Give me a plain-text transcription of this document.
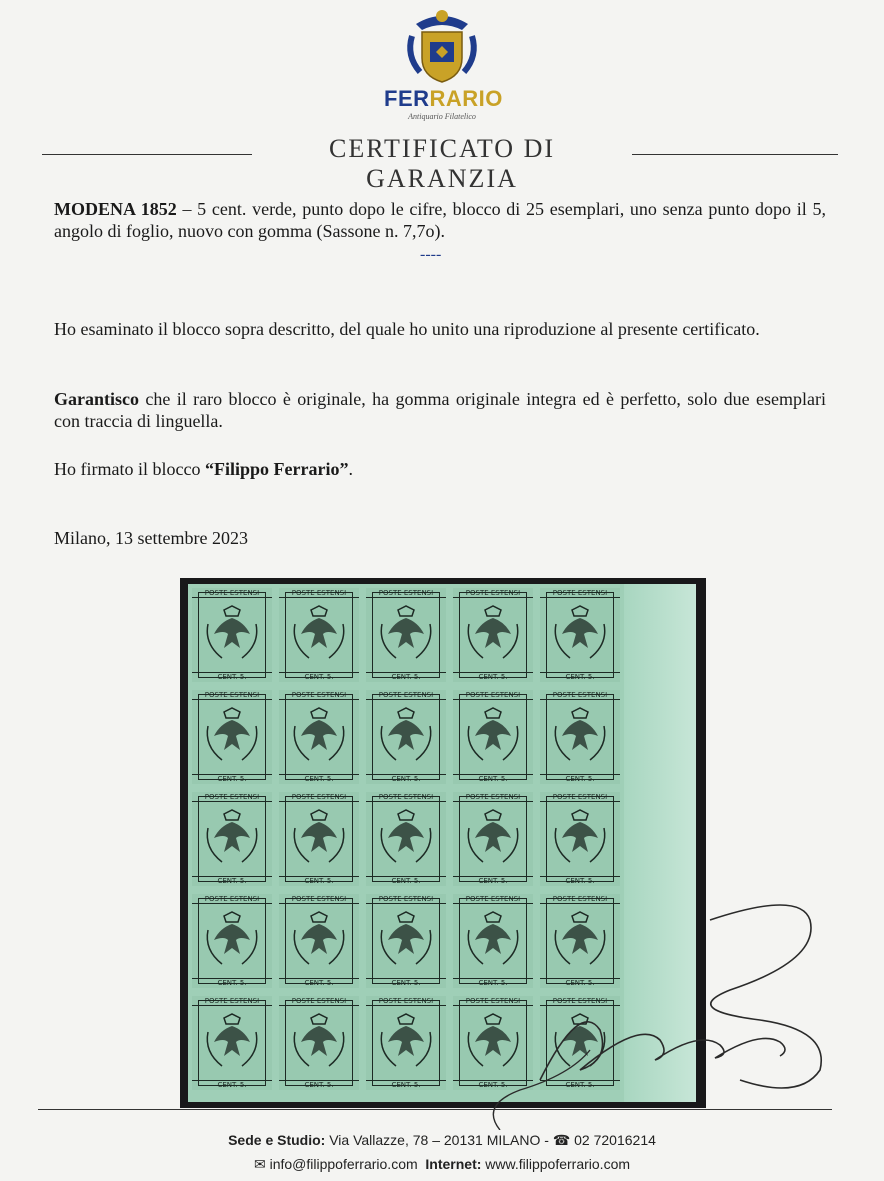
FERRARIO
Antiquario Filatelico
CERTIFICATO DI GARANZIA
MODENA 1852 – 5 cent. verde, punto dopo le cifre, blocco di 25 esemplari, uno senza punto dopo il 5, angolo di foglio, nuovo con gomma (Sassone n. 7,7o).
----
Ho esaminato il blocco sopra descritto, del quale ho unito una riproduzione al presente certificato.
Garantisco che il raro blocco è originale, ha gomma originale integra ed è perfetto, solo due esemplari con traccia di linguella.
Ho firmato il blocco “Filippo Ferrario”.
Milano, 13 settembre 2023
POSTE ESTENSI
CENT. 5.
POSTE ESTENSI
CENT. 5.
POSTE ESTENSI
CENT. 5.
POSTE ESTENSI
CENT. 5.
POSTE ESTENSI
CENT. 5.
POSTE ESTENSI
CENT. 5.
POSTE ESTENSI
CENT. 5.
POSTE ESTENSI
CENT. 5.
POSTE ESTENSI
CENT. 5.
POSTE ESTENSI
CENT. 5.
POSTE ESTENSI
CENT. 5.
POSTE ESTENSI
CENT. 5.
POSTE ESTENSI
CENT. 5.
POSTE ESTENSI
CENT. 5.
POSTE ESTENSI
CENT. 5.
POSTE ESTENSI
CENT. 5.
POSTE ESTENSI
CENT. 5.
POSTE ESTENSI
CENT. 5.
POSTE ESTENSI
CENT. 5.
POSTE ESTENSI
CENT. 5.
POSTE ESTENSI
CENT. 5.
POSTE ESTENSI
CENT. 5.
POSTE ESTENSI
CENT. 5.
POSTE ESTENSI
CENT. 5.
POSTE ESTENSI
CENT. 5.
Sede e Studio: Via Vallazze, 78 – 20131 MILANO - ☎ 02 72016214
✉ info@filippoferrario.com Internet: www.filippoferrario.com
